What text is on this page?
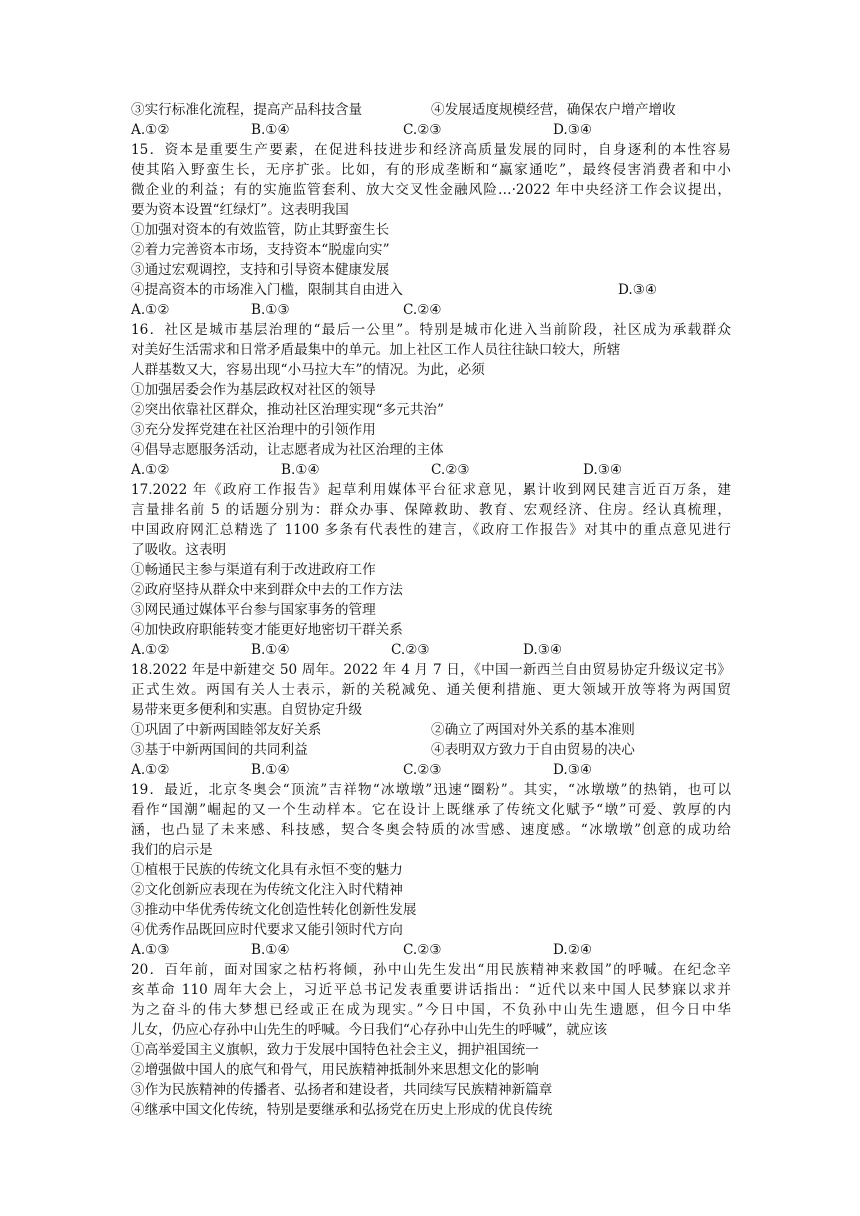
③实行标准化流程，提高产品科技含量	④发展适度规模经营，确保农户增产增收
A.①②	B.①④	C.②③	D.③④
15．资本是重要生产要素，在促进科技进步和经济高质量发展的同时，自身逐利的本性容易
使其陷入野蛮生长，无序扩张。比如，有的形成垄断和“赢家通吃”，最终侵害消费者和中小
微企业的利益；有的实施监管套利、放大交叉性金融风险…·2022 年中央经济工作会议提出，
要为资本设置“红绿灯”。这表明我国
①加强对资本的有效监管，防止其野蛮生长
②着力完善资本市场，支持资本“脱虚向实”
③通过宏观调控，支持和引导资本健康发展
④提高资本的市场准入门槛，限制其自由进入	D.③④
A.①②	B.①③	C.②④
16．社区是城市基层治理的“最后一公里”。特别是城市化进入当前阶段，社区成为承载群众
对美好生活需求和日常矛盾最集中的单元。加上社区工作人员往往缺口较大，所辖
人群基数又大，容易出现“小马拉大车”的情况。为此，必须
①加强居委会作为基层政权对社区的领导
②突出依靠社区群众，推动社区治理实现“多元共治”
③充分发挥党建在社区治理中的引领作用
④倡导志愿服务活动，让志愿者成为社区治理的主体
A.①②	B.①④	C.②③	D.③④
17.2022 年《政府工作报告》起草利用媒体平台征求意见，累计收到网民建言近百万条，建
言量排名前 5 的话题分别为：群众办事、保障救助、教育、宏观经济、住房。经认真梳理，
中国政府网汇总精选了 1100 多条有代表性的建言，《政府工作报告》对其中的重点意见进行
了吸收。这表明
①畅通民主参与渠道有利于改进政府工作
②政府坚持从群众中来到群众中去的工作方法
③网民通过媒体平台参与国家事务的管理
④加快政府职能转变才能更好地密切干群关系
A.①②	B.①④	C.②③	D.③④
18.2022 年是中新建交 50 周年。2022 年 4 月 7 日，《中国一新西兰自由贸易协定升级议定书》
正式生效。两国有关人士表示，新的关税减免、通关便利措施、更大领域开放等将为两国贸
易带来更多便利和实惠。自贸协定升级
①巩固了中新两国睦邻友好关系	②确立了两国对外关系的基本准则
③基于中新两国间的共同利益	④表明双方致力于自由贸易的决心
A.①②	B.①④	C.②③	D.③④
19．最近，北京冬奥会“顶流”吉祥物“冰墩墩”迅速“圈粉”。其实，“冰墩墩”的热销，也可以
看作“国潮”崛起的又一个生动样本。它在设计上既继承了传统文化赋予“墩”可爱、敦厚的内
涵，也凸显了未来感、科技感，契合冬奥会特质的冰雪感、速度感。“冰墩墩”创意的成功给
我们的启示是
①植根于民族的传统文化具有永恒不变的魅力
②文化创新应表现在为传统文化注入时代精神
③推动中华优秀传统文化创造性转化创新性发展
④优秀作品既回应时代要求又能引领时代方向
A.①③	B.①④	C.②③	D.②④
20．百年前，面对国家之枯朽将倾，孙中山先生发出“用民族精神来救国”的呼喊。在纪念辛
亥革命 110 周年大会上，习近平总书记发表重要讲话指出：“近代以来中国人民梦寐以求并
为之奋斗的伟大梦想已经或正在成为现实。”今日中国，不负孙中山先生遗愿，但今日中华
儿女，仍应心存孙中山先生的呼喊。今日我们“心存孙中山先生的呼喊”，就应该
①高举爱国主义旗帜，致力于发展中国特色社会主义，拥护祖国统一
②增强做中国人的底气和骨气，用民族精神抵制外来思想文化的影响
③作为民族精神的传播者、弘扬者和建设者，共同续写民族精神新篇章
④继承中国文化传统，特别是要继承和弘扬党在历史上形成的优良传统
